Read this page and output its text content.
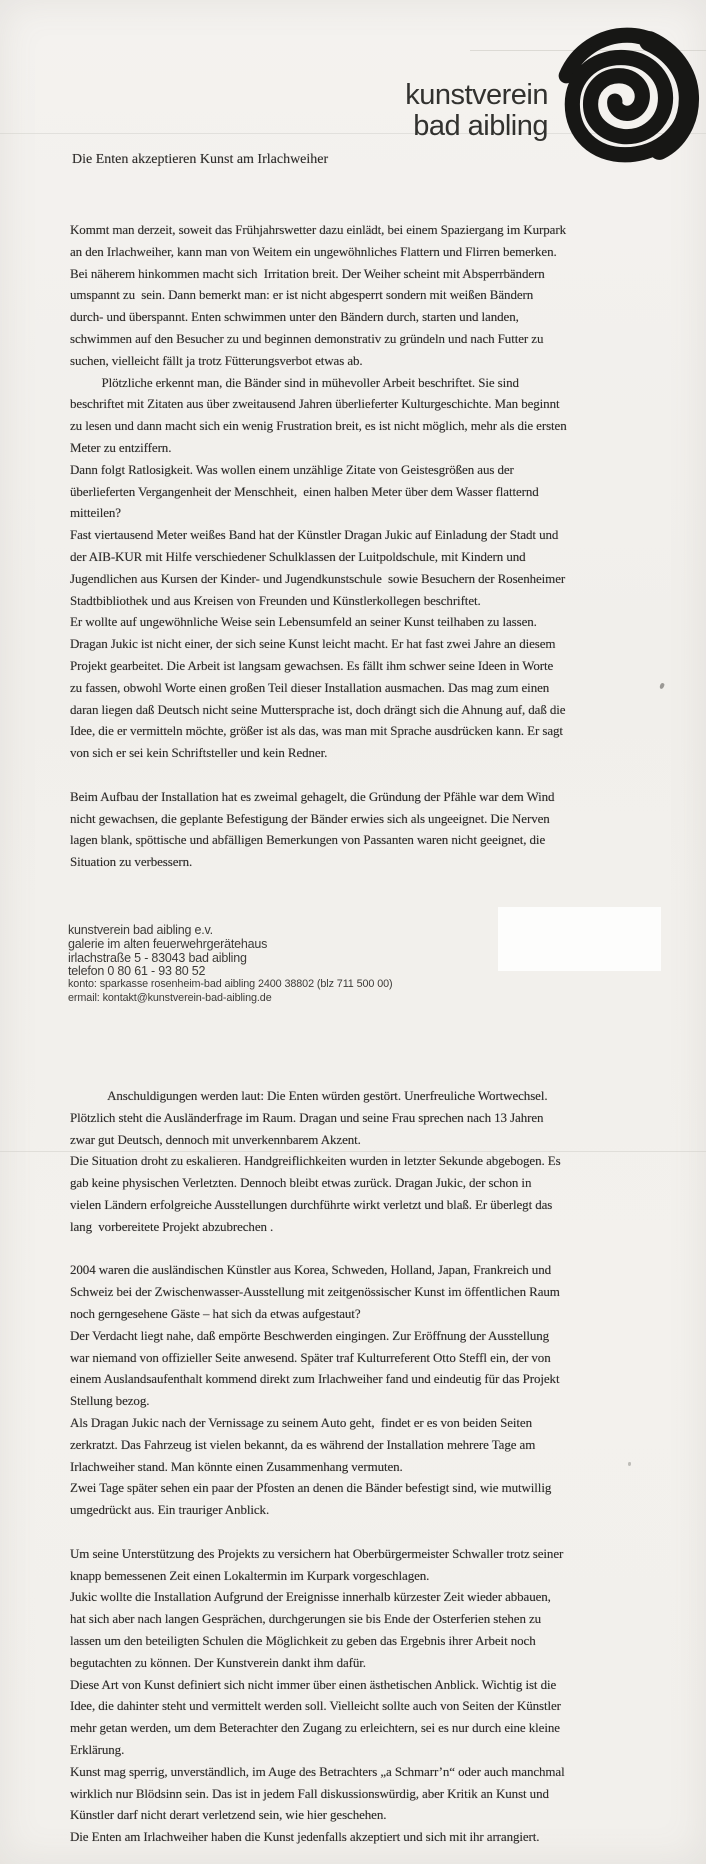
kunstverein
bad aibling
Die Enten akzeptieren Kunst am Irlachweiher
Kommt man derzeit, soweit das Frühjahrswetter dazu einlädt, bei einem Spaziergang im Kurpark
an den Irlachweiher, kann man von Weitem ein ungewöhnliches Flattern und Flirren bemerken.
Bei näherem hinkommen macht sich  Irritation breit. Der Weiher scheint mit Absperrbändern
umspannt zu  sein. Dann bemerkt man: er ist nicht abgesperrt sondern mit weißen Bändern
durch- und überspannt. Enten schwimmen unter den Bändern durch, starten und landen,
schwimmen auf den Besucher zu und beginnen demonstrativ zu gründeln und nach Futter zu
suchen, vielleicht fällt ja trotz Fütterungsverbot etwas ab.
Plötzliche erkennt man, die Bänder sind in mühevoller Arbeit beschriftet. Sie sind
beschriftet mit Zitaten aus über zweitausend Jahren überlieferter Kulturgeschichte. Man beginnt
zu lesen und dann macht sich ein wenig Frustration breit, es ist nicht möglich, mehr als die ersten
Meter zu entziffern.
Dann folgt Ratlosigkeit. Was wollen einem unzählige Zitate von Geistesgrößen aus der
überlieferten Vergangenheit der Menschheit,  einen halben Meter über dem Wasser flatternd
mitteilen?
Fast viertausend Meter weißes Band hat der Künstler Dragan Jukic auf Einladung der Stadt und
der AIB-KUR mit Hilfe verschiedener Schulklassen der Luitpoldschule, mit Kindern und
Jugendlichen aus Kursen der Kinder- und Jugendkunstschule  sowie Besuchern der Rosenheimer
Stadtbibliothek und aus Kreisen von Freunden und Künstlerkollegen beschriftet.
Er wollte auf ungewöhnliche Weise sein Lebensumfeld an seiner Kunst teilhaben zu lassen.
Dragan Jukic ist nicht einer, der sich seine Kunst leicht macht. Er hat fast zwei Jahre an diesem
Projekt gearbeitet. Die Arbeit ist langsam gewachsen. Es fällt ihm schwer seine Ideen in Worte
zu fassen, obwohl Worte einen großen Teil dieser Installation ausmachen. Das mag zum einen
daran liegen daß Deutsch nicht seine Muttersprache ist, doch drängt sich die Ahnung auf, daß die
Idee, die er vermitteln möchte, größer ist als das, was man mit Sprache ausdrücken kann. Er sagt
von sich er sei kein Schriftsteller und kein Redner.
Beim Aufbau der Installation hat es zweimal gehagelt, die Gründung der Pfähle war dem Wind
nicht gewachsen, die geplante Befestigung der Bänder erwies sich als ungeeignet. Die Nerven
lagen blank, spöttische und abfälligen Bemerkungen von Passanten waren nicht geeignet, die
Situation zu verbessern.
kunstverein bad aibling e.v.
galerie im alten feuerwehrgerätehaus
irlachstraße 5 - 83043 bad aibling
telefon 0 80 61 - 93 80 52
konto: sparkasse rosenheim-bad aibling 2400 38802 (blz 711 500 00)
ermail: kontakt@kunstverein-bad-aibling.de
Anschuldigungen werden laut: Die Enten würden gestört. Unerfreuliche Wortwechsel.
Plötzlich steht die Ausländerfrage im Raum. Dragan und seine Frau sprechen nach 13 Jahren
zwar gut Deutsch, dennoch mit unverkennbarem Akzent.
Die Situation droht zu eskalieren. Handgreiflichkeiten wurden in letzter Sekunde abgebogen. Es
gab keine physischen Verletzten. Dennoch bleibt etwas zurück. Dragan Jukic, der schon in
vielen Ländern erfolgreiche Ausstellungen durchführte wirkt verletzt und blaß. Er überlegt das
lang  vorbereitete Projekt abzubrechen .
2004 waren die ausländischen Künstler aus Korea, Schweden, Holland, Japan, Frankreich und
Schweiz bei der Zwischenwasser-Ausstellung mit zeitgenössischer Kunst im öffentlichen Raum
noch gerngesehene Gäste – hat sich da etwas aufgestaut?
Der Verdacht liegt nahe, daß empörte Beschwerden eingingen. Zur Eröffnung der Ausstellung
war niemand von offizieller Seite anwesend. Später traf Kulturreferent Otto Steffl ein, der von
einem Auslandsaufenthalt kommend direkt zum Irlachweiher fand und eindeutig für das Projekt
Stellung bezog.
Als Dragan Jukic nach der Vernissage zu seinem Auto geht,  findet er es von beiden Seiten
zerkratzt. Das Fahrzeug ist vielen bekannt, da es während der Installation mehrere Tage am
Irlachweiher stand. Man könnte einen Zusammenhang vermuten.
Zwei Tage später sehen ein paar der Pfosten an denen die Bänder befestigt sind, wie mutwillig
umgedrückt aus. Ein trauriger Anblick.
Um seine Unterstützung des Projekts zu versichern hat Oberbürgermeister Schwaller trotz seiner
knapp bemessenen Zeit einen Lokaltermin im Kurpark vorgeschlagen.
Jukic wollte die Installation Aufgrund der Ereignisse innerhalb kürzester Zeit wieder abbauen,
hat sich aber nach langen Gesprächen, durchgerungen sie bis Ende der Osterferien stehen zu
lassen um den beteiligten Schulen die Möglichkeit zu geben das Ergebnis ihrer Arbeit noch
begutachten zu können. Der Kunstverein dankt ihm dafür.
Diese Art von Kunst definiert sich nicht immer über einen ästhetischen Anblick. Wichtig ist die
Idee, die dahinter steht und vermittelt werden soll. Vielleicht sollte auch von Seiten der Künstler
mehr getan werden, um dem Beterachter den Zugang zu erleichtern, sei es nur durch eine kleine
Erklärung.
Kunst mag sperrig, unverständlich, im Auge des Betrachters „a Schmarr’n“ oder auch manchmal
wirklich nur Blödsinn sein. Das ist in jedem Fall diskussionswürdig, aber Kritik an Kunst und
Künstler darf nicht derart verletzend sein, wie hier geschehen.
Die Enten am Irlachweiher haben die Kunst jedenfalls akzeptiert und sich mit ihr arrangiert.
